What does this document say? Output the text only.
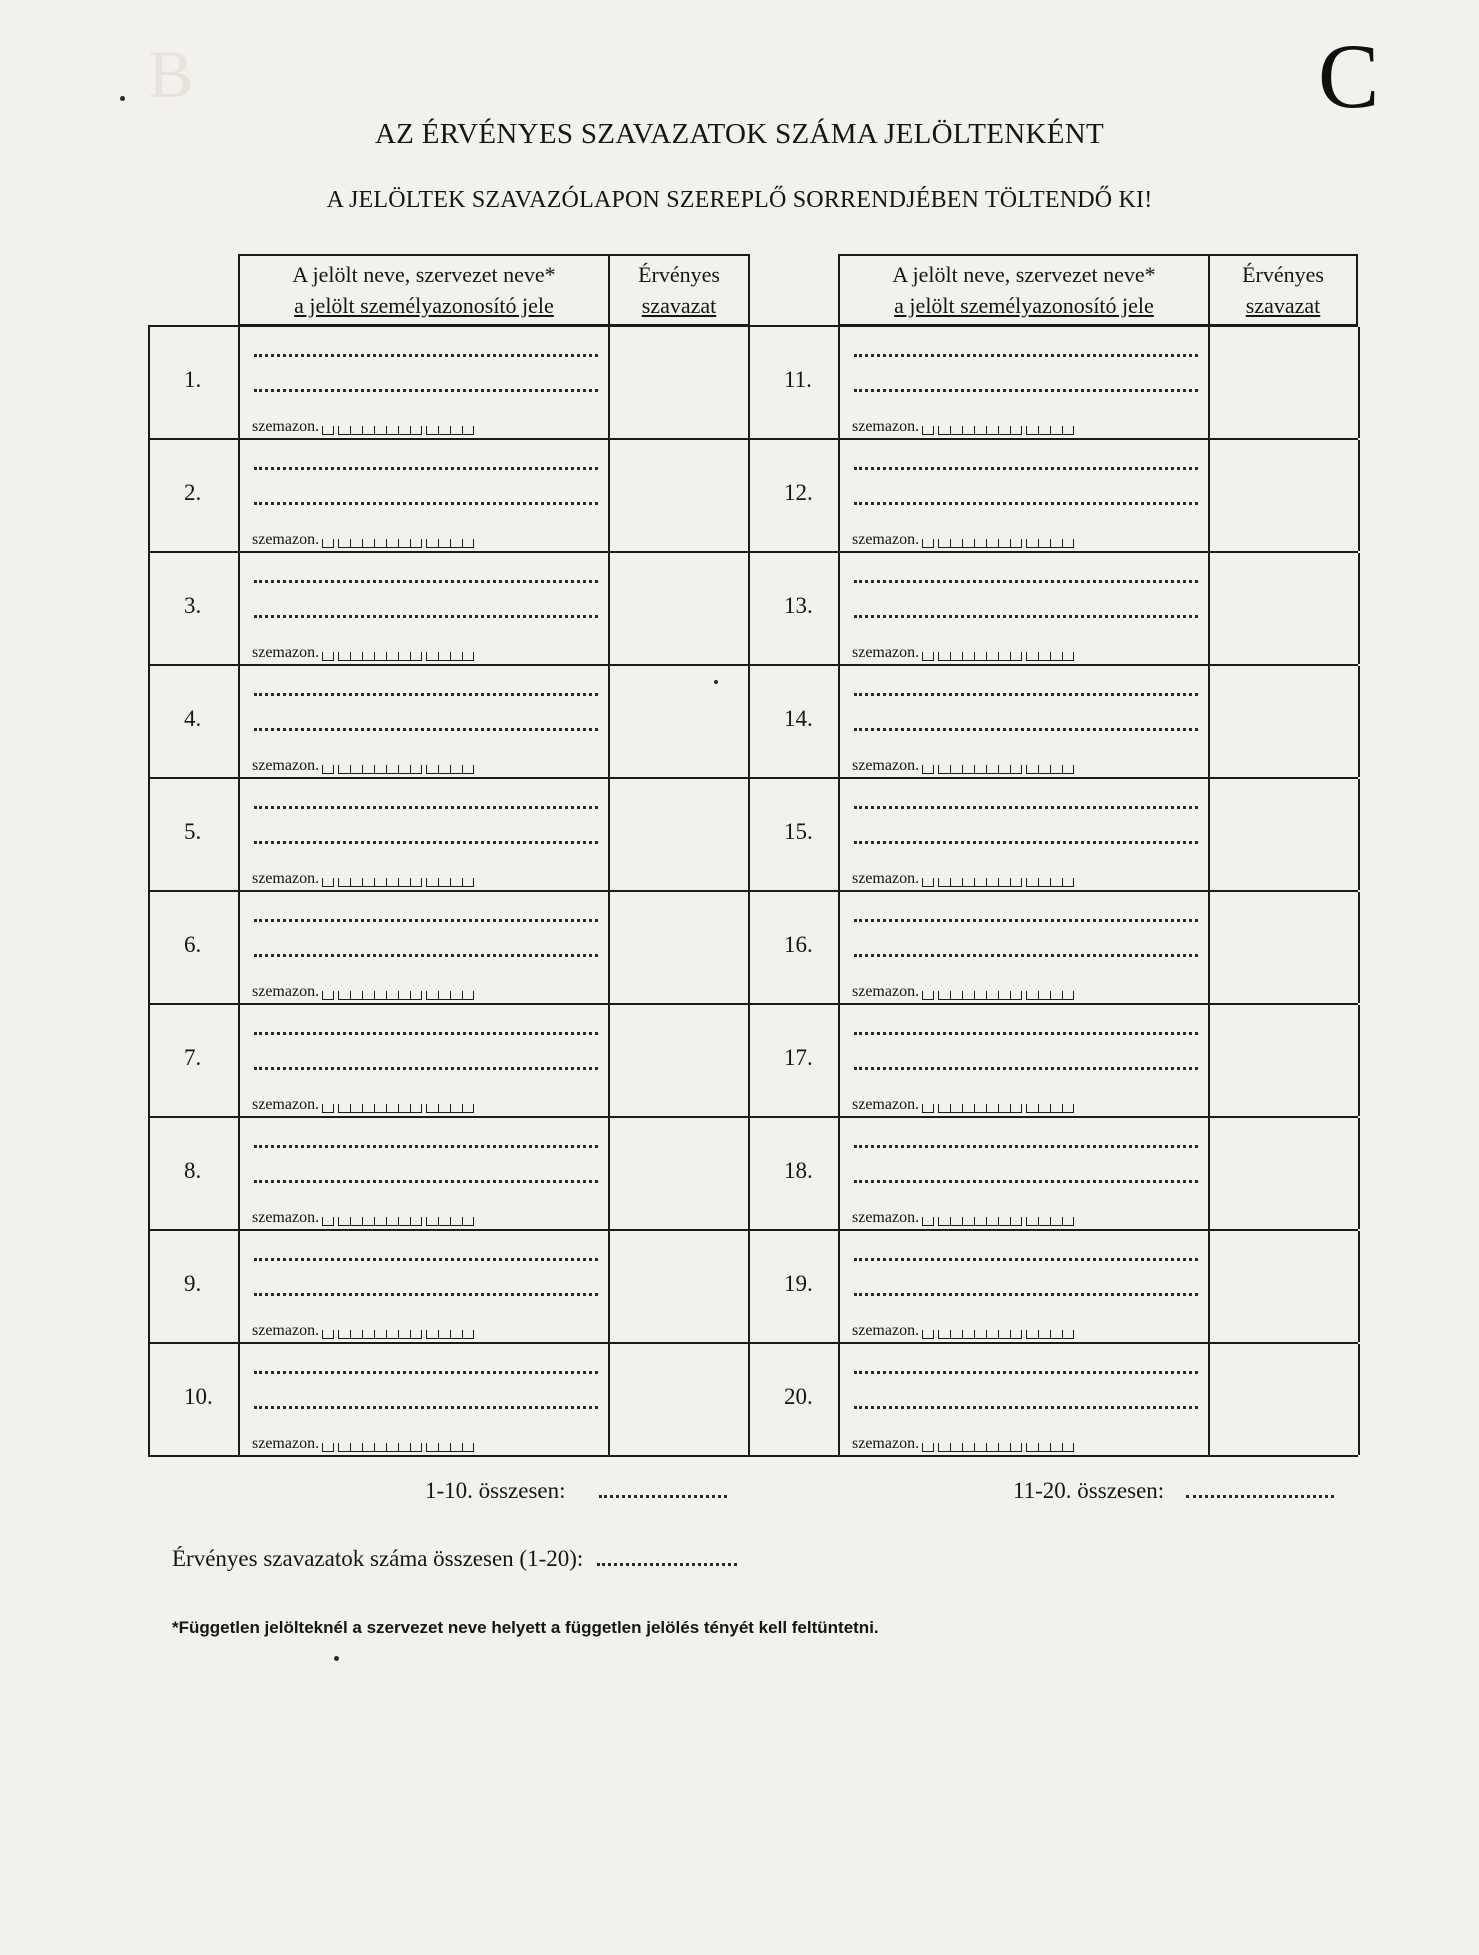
B	C
AZ ÉRVÉNYES SZAVAZATOK SZÁMA JELÖLTENKÉNT
A JELÖLTEK SZAVAZÓLAPON SZEREPLŐ SORRENDJÉBEN TÖLTENDŐ KI!
A jelölt neve, szervezet neve*
a jelölt személyazonosító jele
Érvényes
szavazat
A jelölt neve, szervezet neve*
a jelölt személyazonosító jele
Érvényes
szavazat
1.
szemazon.
11.
szemazon.
2.
szemazon.
12.
szemazon.
3.
szemazon.
13.
szemazon.
4.
szemazon.
14.
szemazon.
5.
szemazon.
15.
szemazon.
6.
szemazon.
16.
szemazon.
7.
szemazon.
17.
szemazon.
8.
szemazon.
18.
szemazon.
9.
szemazon.
19.
szemazon.
10.
szemazon.
20.
szemazon.
1-10. összesen:	11-20. összesen:
Érvényes szavazatok száma összesen (1-20):
*Független jelölteknél a szervezet neve helyett a független jelölés tényét kell feltüntetni.
